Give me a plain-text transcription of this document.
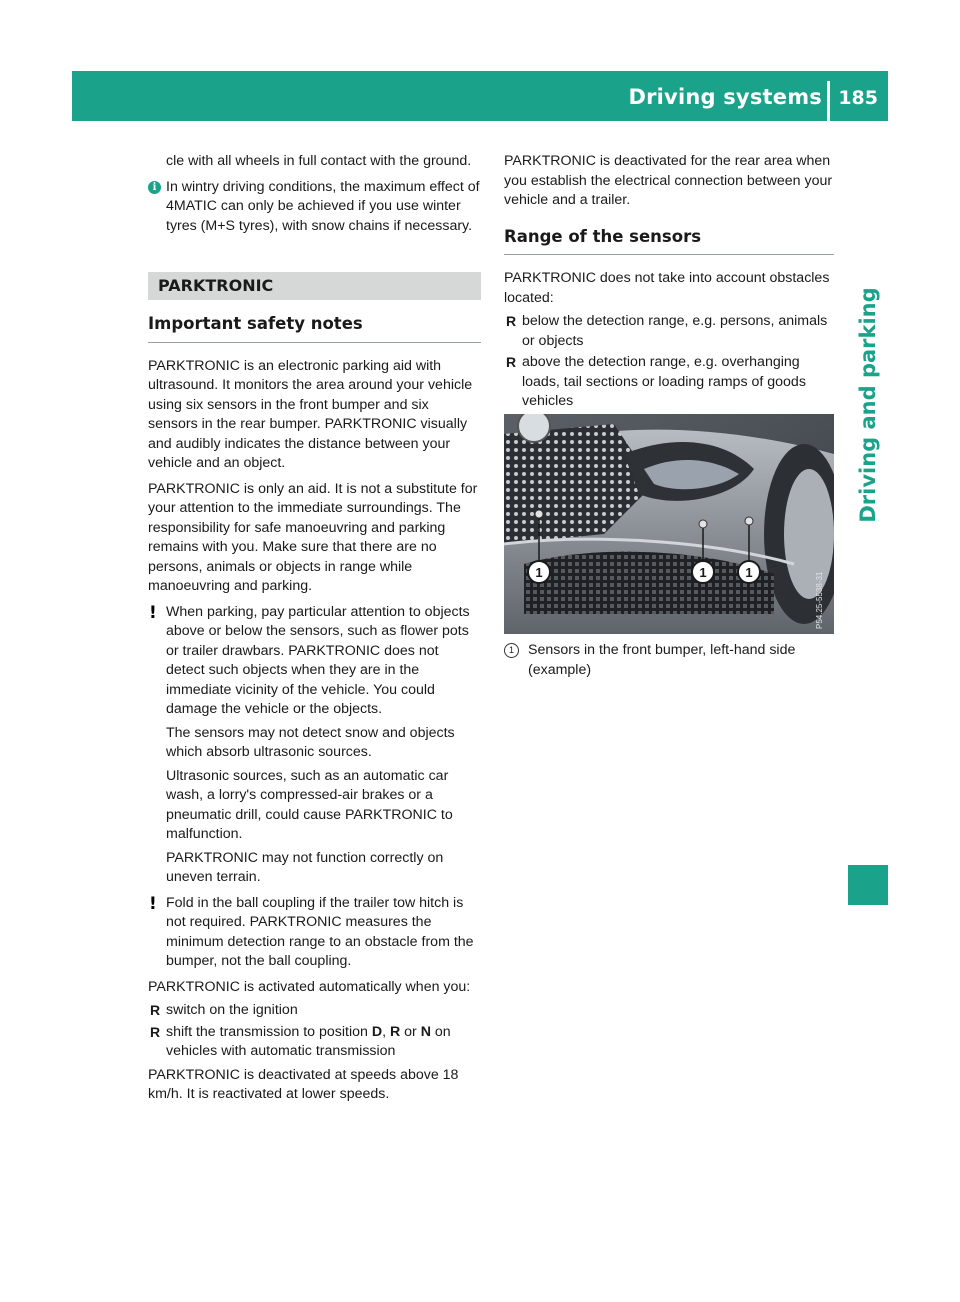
Driving systems 185
Driving and parking

cle with all wheels in full contact with the ground.

i In wintry driving conditions, the maximum effect of 4MATIC can only be achieved if you use winter tyres (M+S tyres), with snow chains if necessary.
PARKTRONIC
Important safety notes

PARKTRONIC is an electronic parking aid with ultrasound. It monitors the area around your vehicle using six sensors in the front bumper and six sensors in the rear bumper. PARKTRONIC visually and audibly indicates the distance between your vehicle and an object.

PARKTRONIC is only an aid. It is not a substitute for your attention to the immediate surroundings. The responsibility for safe manoeuvring and parking remains with you. Make sure that there are no persons, animals or objects in range while manoeuvring and parking.

! When parking, pay particular attention to objects above or below the sensors, such as flower pots or trailer drawbars. PARKTRONIC does not detect such objects when they are in the immediate vicinity of the vehicle. You could damage the vehicle or the objects.

The sensors may not detect snow and objects which absorb ultrasonic sources.

Ultrasonic sources, such as an automatic car wash, a lorry's compressed-air brakes or a pneumatic drill, could cause PARKTRONIC to malfunction.

PARKTRONIC may not function correctly on uneven terrain.

! Fold in the ball coupling if the trailer tow hitch is not required. PARKTRONIC measures the minimum detection range to an obstacle from the bumper, not the ball coupling.

PARKTRONIC is activated automatically when you:

R switch on the ignition
R shift the transmission to position D, R or N on vehicles with automatic transmission

PARKTRONIC is deactivated at speeds above 18 km/h. It is reactivated at lower speeds.

PARKTRONIC is deactivated for the rear area when you establish the electrical connection between your vehicle and a trailer.

Range of the sensors

PARKTRONIC does not take into account obstacles located:

R below the detection range, e.g. persons, animals or objects
R above the detection range, e.g. overhanging loads, tail sections or loading ramps of goods vehicles
1	1	1	P54.25-5538-31
1 Sensors in the front bumper, left-hand side (example)
